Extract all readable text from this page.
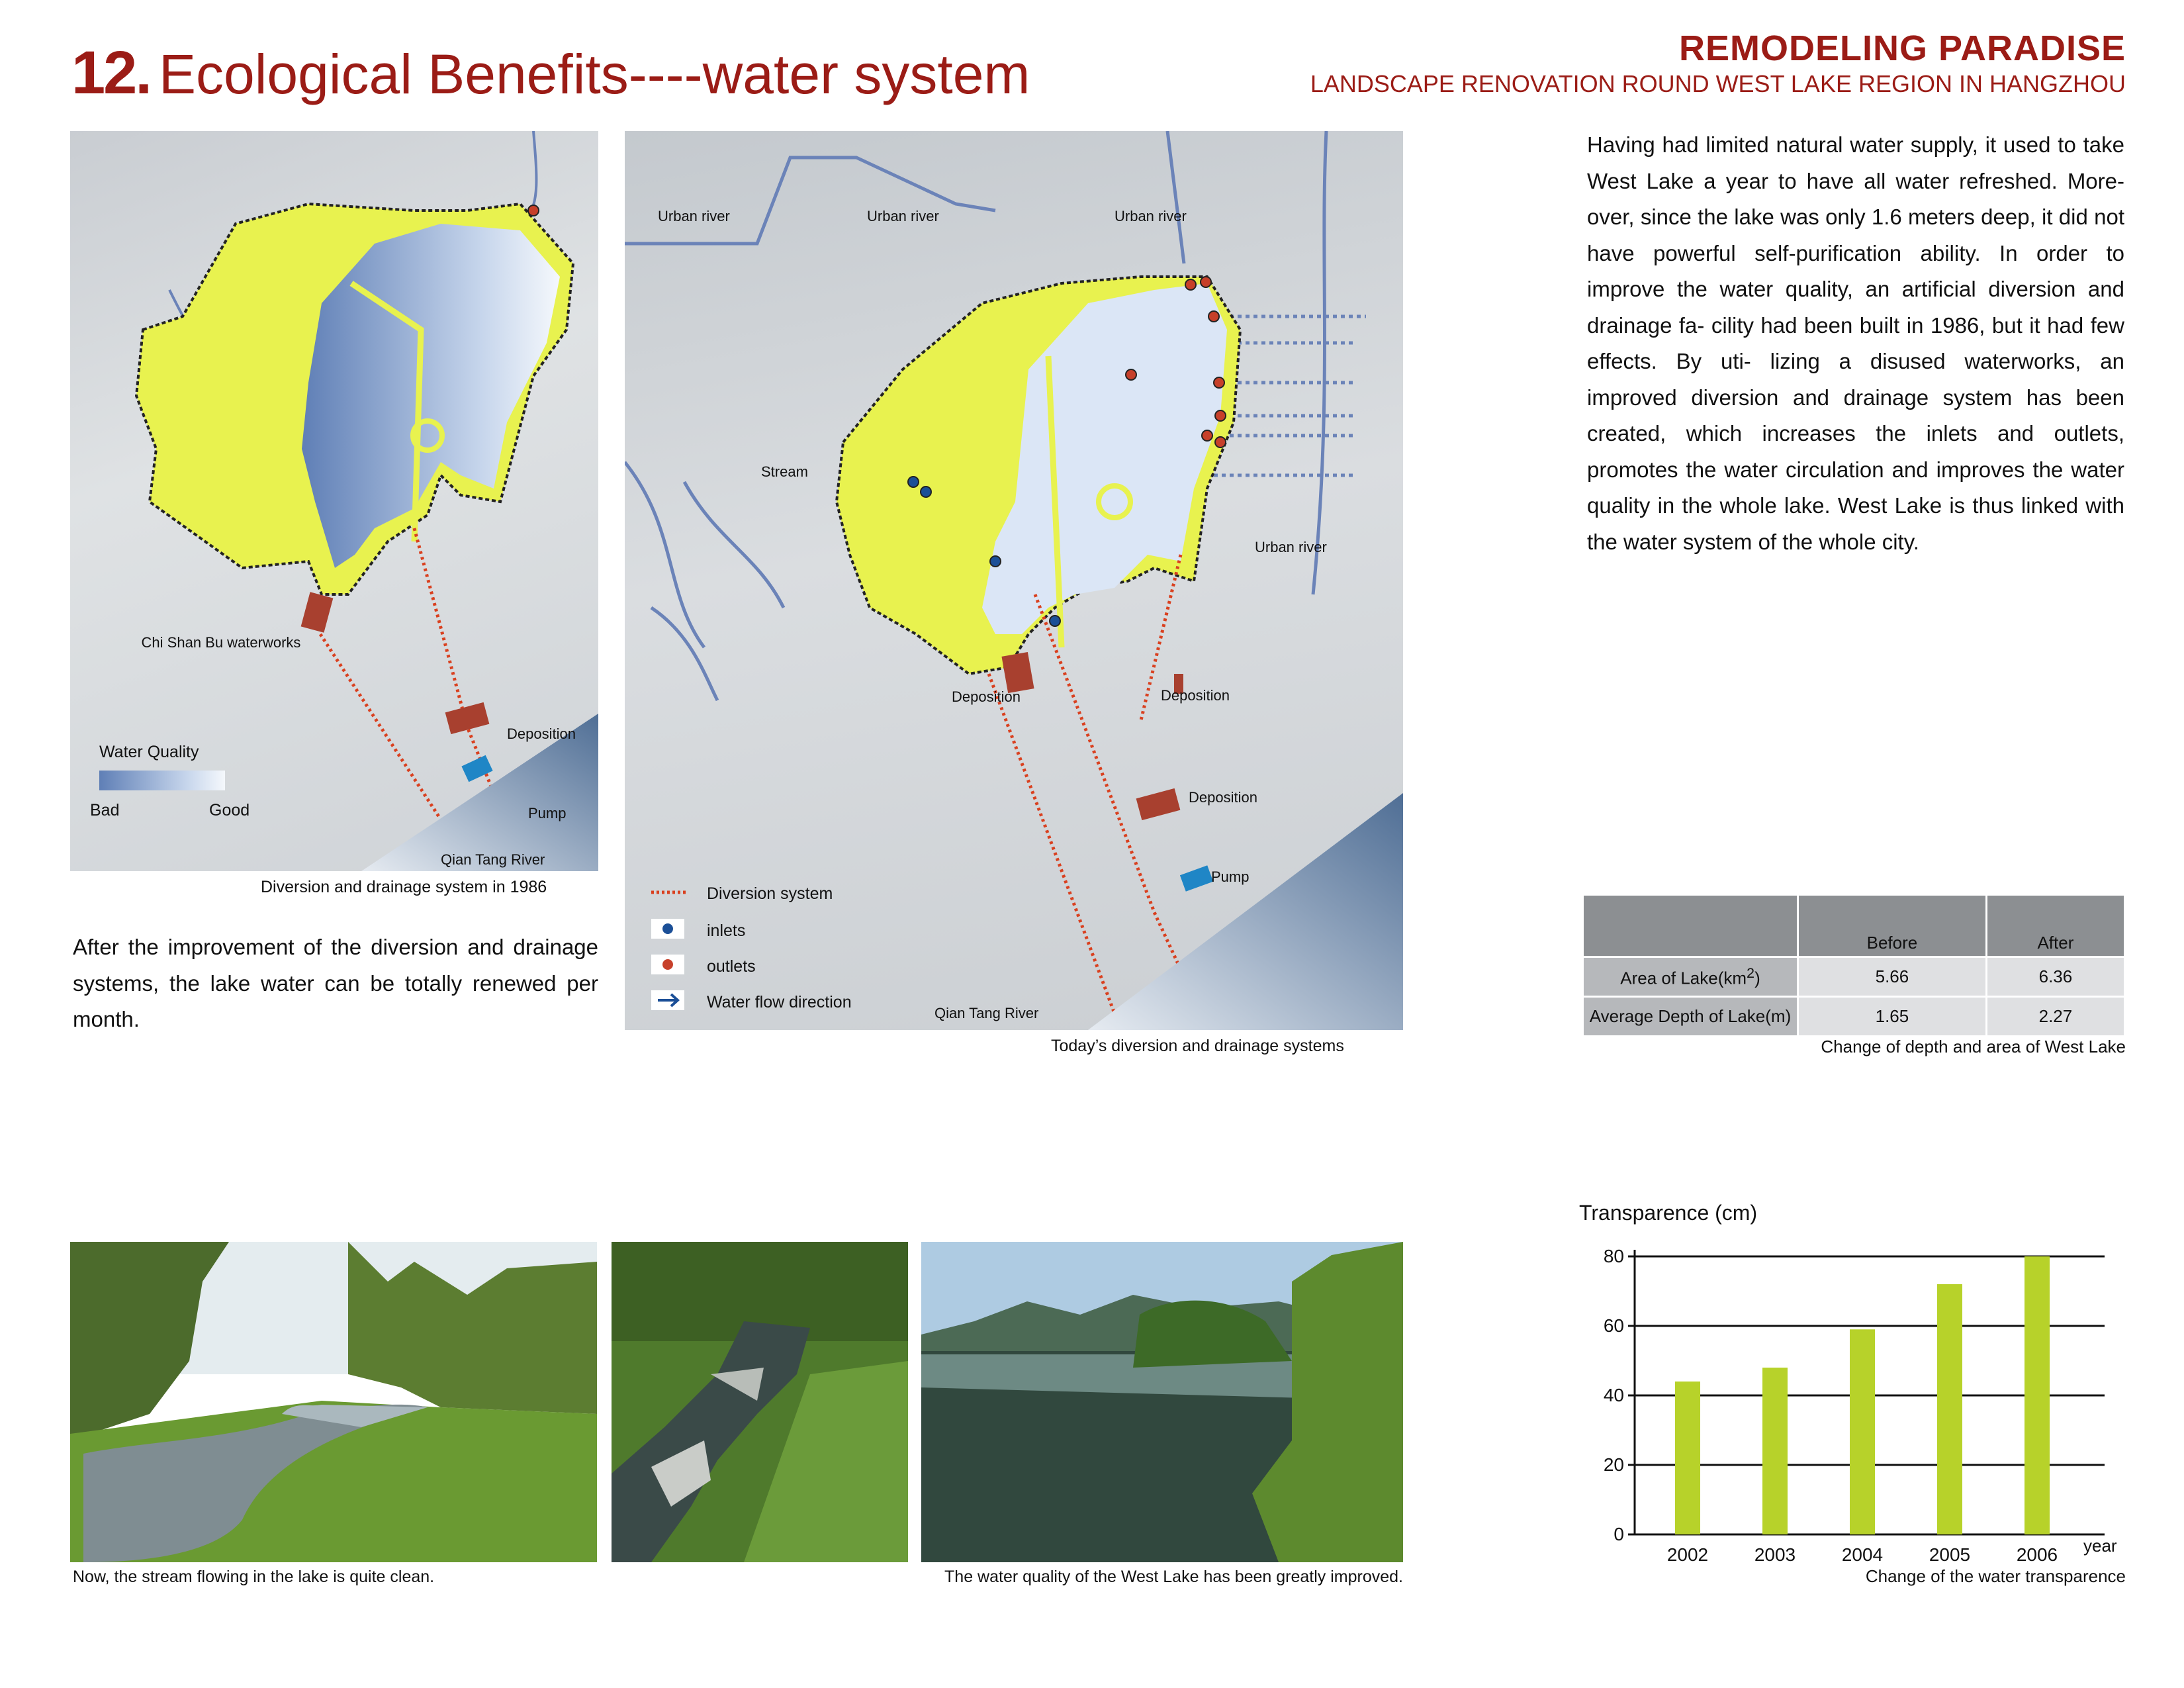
12. Ecological Benefits----water system	REMODELING PARADISE
LANDSCAPE RENOVATION ROUND WEST LAKE REGION IN HANGZHOU
Chi Shan Bu waterworks
Deposition
Pump
Qian Tang River
Water Quality
Bad	Good
Diversion and drainage system in 1986
Urban river	Urban river	Urban river
Urban river
Stream
Deposition	Deposition
Deposition
Pump
Qian Tang River
Diversion system
inlets
outlets
Water flow direction
Today’s diversion and drainage systems
After the improvement of the diversion and drainage systems, the lake water can be totally renewed per month.
Having had limited natural water supply, it used to take West Lake a year to have all water refreshed. More- over, since the lake was only 1.6 meters deep, it did not have powerful self-purification ability. In order to improve the water quality, an artificial diversion and drainage fa- cility had been built in 1986, but it had few effects. By uti- lizing a disused waterworks, an improved diversion and drainage system has been created, which increases the inlets and outlets, promotes the water circulation and improves the water quality in the whole lake. West Lake is thus linked with the water system of the whole city.
	Before	After
Area of $Lake(km^2)$	5.66	6.36
Average Depth of Lake(m)	1.65	2.27
Change of depth and area of West Lake
Now, the stream flowing in the lake is quite clean.	The water quality of the West Lake has been greatly improved.
Transparence (cm)
0
20
40
60
80
2002 2003 2004 2005 2006 year
Change of the water transparence
